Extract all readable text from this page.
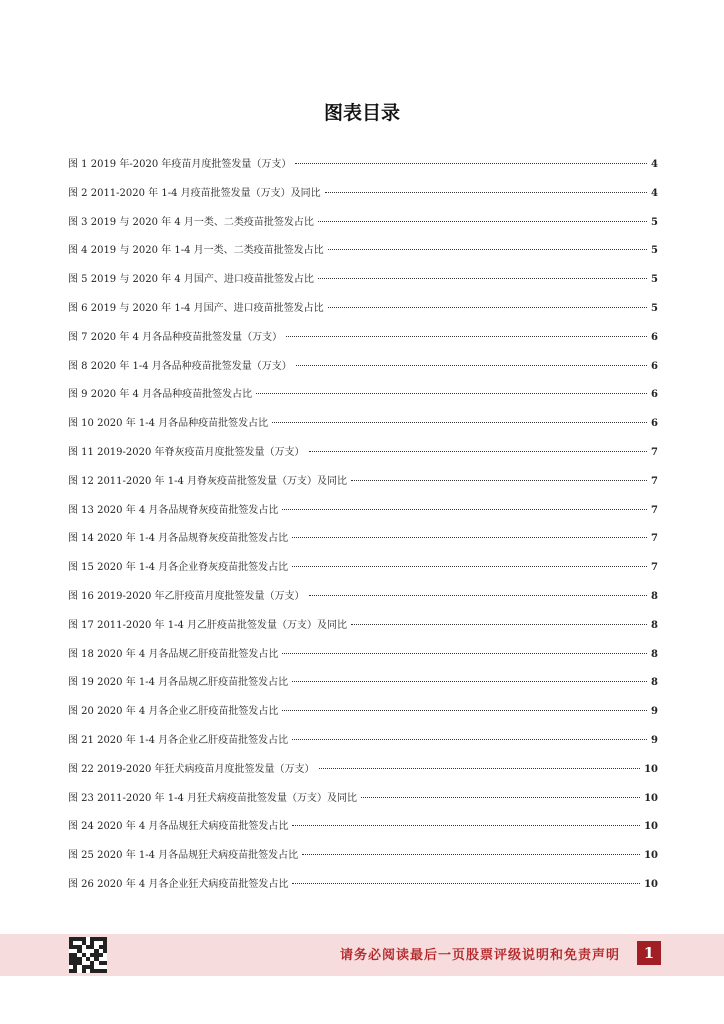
图表目录
图 1 2019 年-2020 年疫苗月度批签发量（万支）	4
图 2 2011-2020 年 1-4 月疫苗批签发量（万支）及同比	4
图 3 2019 与 2020 年 4 月一类、二类疫苗批签发占比	5
图 4 2019 与 2020 年 1-4 月一类、二类疫苗批签发占比	5
图 5 2019 与 2020 年 4 月国产、进口疫苗批签发占比	5
图 6 2019 与 2020 年 1-4 月国产、进口疫苗批签发占比	5
图 7 2020 年 4 月各品种疫苗批签发量（万支）	6
图 8 2020 年 1-4 月各品种疫苗批签发量（万支）	6
图 9 2020 年 4 月各品种疫苗批签发占比	6
图 10 2020 年 1-4 月各品种疫苗批签发占比	6
图 11 2019-2020 年脊灰疫苗月度批签发量（万支）	7
图 12 2011-2020 年 1-4 月脊灰疫苗批签发量（万支）及同比	7
图 13 2020 年 4 月各品规脊灰疫苗批签发占比	7
图 14 2020 年 1-4 月各品规脊灰疫苗批签发占比	7
图 15 2020 年 1-4 月各企业脊灰疫苗批签发占比	7
图 16 2019-2020 年乙肝疫苗月度批签发量（万支）	8
图 17 2011-2020 年 1-4 月乙肝疫苗批签发量（万支）及同比	8
图 18 2020 年 4 月各品规乙肝疫苗批签发占比	8
图 19 2020 年 1-4 月各品规乙肝疫苗批签发占比	8
图 20 2020 年 4 月各企业乙肝疫苗批签发占比	9
图 21 2020 年 1-4 月各企业乙肝疫苗批签发占比	9
图 22 2019-2020 年狂犬病疫苗月度批签发量（万支）	10
图 23 2011-2020 年 1-4 月狂犬病疫苗批签发量（万支）及同比	10
图 24 2020 年 4 月各品规狂犬病疫苗批签发占比	10
图 25 2020 年 1-4 月各品规狂犬病疫苗批签发占比	10
图 26 2020 年 4 月各企业狂犬病疫苗批签发占比	10
请务必阅读最后一页股票评级说明和免责声明	1
